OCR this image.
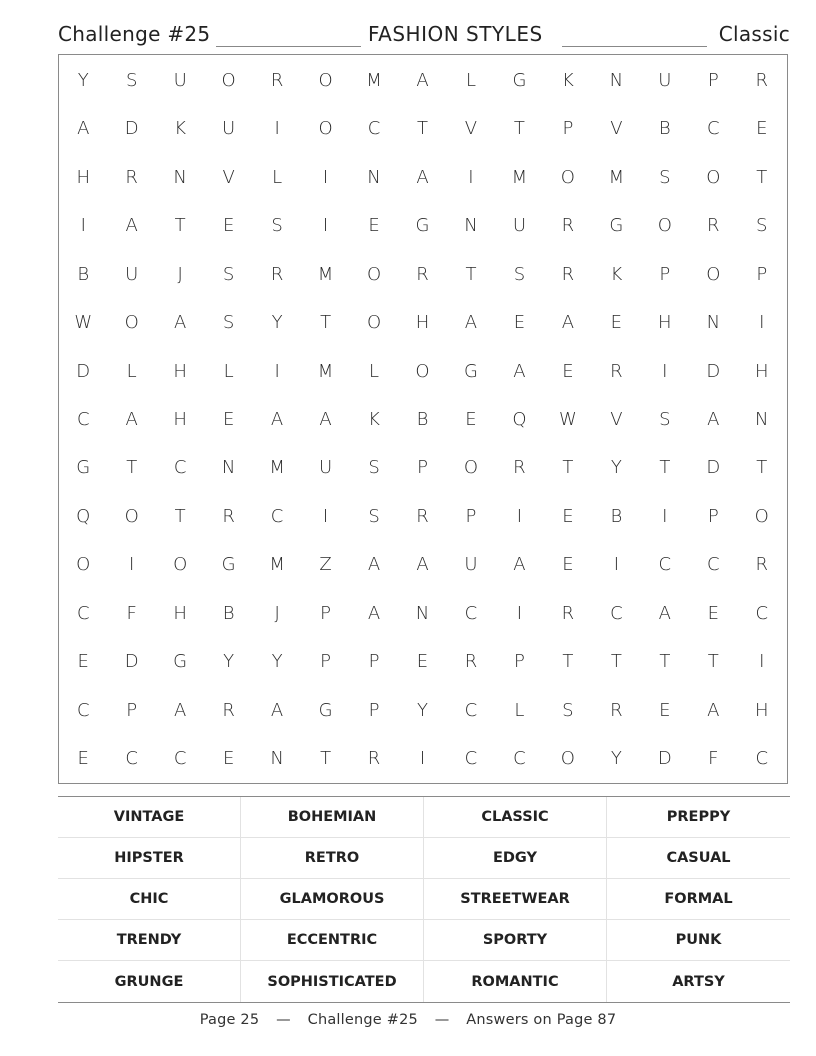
Challenge #25	FASHION STYLES	Classic
Y	S	U	O	R	O	M	A	L	G	K	N	U	P	R
A	D	K	U	I	O	C	T	V	T	P	V	B	C	E
H	R	N	V	L	I	N	A	I	M	O	M	S	O	T
I	A	T	E	S	I	E	G	N	U	R	G	O	R	S
B	U	J	S	R	M	O	R	T	S	R	K	P	O	P
W	O	A	S	Y	T	O	H	A	E	A	E	H	N	I
D	L	H	L	I	M	L	O	G	A	E	R	I	D	H
C	A	H	E	A	A	K	B	E	Q	W	V	S	A	N
G	T	C	N	M	U	S	P	O	R	T	Y	T	D	T
Q	O	T	R	C	I	S	R	P	I	E	B	I	P	O
O	I	O	G	M	Z	A	A	U	A	E	I	C	C	R
C	F	H	B	J	P	A	N	C	I	R	C	A	E	C
E	D	G	Y	Y	P	P	E	R	P	T	T	T	T	I
C	P	A	R	A	G	P	Y	C	L	S	R	E	A	H
E	C	C	E	N	T	R	I	C	C	O	Y	D	F	C
VINTAGE	BOHEMIAN	CLASSIC	PREPPY
HIPSTER	RETRO	EDGY	CASUAL
CHIC	GLAMOROUS	STREETWEAR	FORMAL
TRENDY	ECCENTRIC	SPORTY	PUNK
GRUNGE	SOPHISTICATED	ROMANTIC	ARTSY
Page 25 — Challenge #25 — Answers on Page 87
